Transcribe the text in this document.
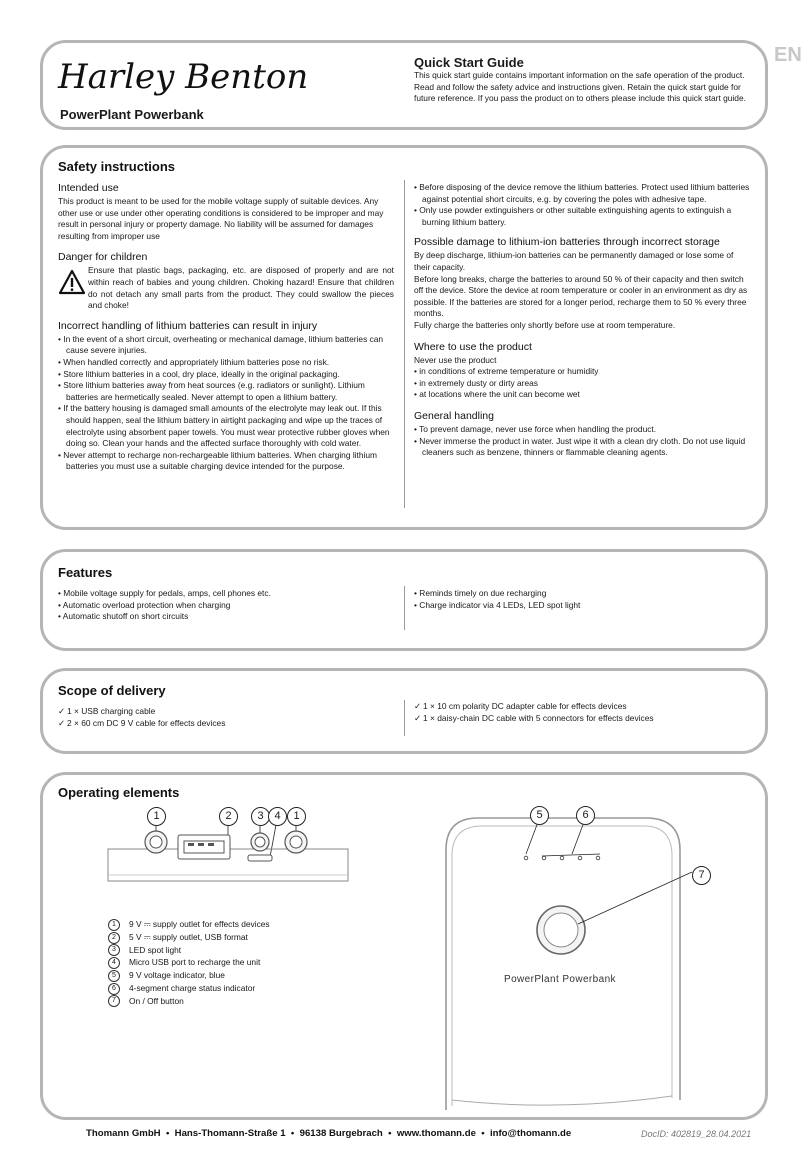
Harley Benton
PowerPlant Powerbank
Quick Start Guide
This quick start guide contains important information on the safe operation of the product. Read and follow the safety advice and instructions given. Retain the quick start guide for future reference. If you pass the product on to others please include this quick start guide.
EN
Safety instructions
Intended use

This product is meant to be used for the mobile voltage supply of suitable devices. Any other use or use under other operating conditions is considered to be improper and may result in personal injury or property damage. No liability will be assumed for damages resulting from improper use

Danger for children

Ensure that plastic bags, packaging, etc. are disposed of properly and are not within reach of babies and young children. Choking hazard! Ensure that children do not detach any small parts from the product. They could swallow the pieces and choke!

Incorrect handling of lithium batteries can result in injury
• In the event of a short circuit, overheating or mechanical damage, lithium batteries can cause severe injuries.
• When handled correctly and appropriately lithium batteries pose no risk.
• Store lithium batteries in a cool, dry place, ideally in the original packaging.
• Store lithium batteries away from heat sources (e.g. radiators or sunlight). Lithium batteries are hermetically sealed. Never attempt to open a lithium battery.
• If the battery housing is damaged small amounts of the electrolyte may leak out. If this should happen, seal the lithium battery in airtight packaging and wipe up the traces of electrolyte using absorbent paper towels. You must wear protective rubber gloves when doing so. Clean your hands and the affected surface thoroughly with cold water.
• Never attempt to recharge non-rechargeable lithium batteries. When charging lithium batteries you must use a suitable charging device intended for the purpose.
• Before disposing of the device remove the lithium batteries. Protect used lithium batteries against potential short circuits, e.g. by covering the poles with adhesive tape.
• Only use powder extinguishers or other suitable extinguishing agents to extinguish a burning lithium battery.
Possible damage to lithium-ion batteries through incorrect storage

By deep discharge, lithium-ion batteries can be permanently damaged or lose some of their capacity.

Before long breaks, charge the batteries to around 50 % of their capacity and then switch off the device. Store the device at room temperature or cooler in an environment as dry as possible. If the batteries are stored for a longer period, recharge them to 50 % every three months.

Fully charge the batteries only shortly before use at room temperature.

Where to use the product

Never use the product

• in conditions of extreme temperature or humidity
• in extremely dusty or dirty areas
• at locations where the unit can become wet
General handling
• To prevent damage, never use force when handling the product.
• Never immerse the product in water. Just wipe it with a clean dry cloth. Do not use liquid cleaners such as benzene, thinners or flammable cleaning agents.
Features
• Mobile voltage supply for pedals, amps, cell phones etc.
• Automatic overload protection when charging
• Automatic shutoff on short circuits
• Reminds timely on due recharging
• Charge indicator via 4 LEDs, LED spot light
Scope of delivery
✓ 1 × USB charging cable
✓ 2 × 60 cm DC 9 V cable for effects devices
✓ 1 × 10 cm polarity DC adapter cable for effects devices
✓ 1 × daisy-chain DC cable with 5 connectors for effects devices
Operating elements
1	2	3 4	1
1 9 V ⎓ supply outlet for effects devices
2 5 V ⎓ supply outlet, USB format
3 LED spot light
4 Micro USB port to recharge the unit
5 9 V voltage indicator, blue
6 4-segment charge status indicator
7 On / Off button
5	6
7
PowerPlant Powerbank
Thomann GmbH  •  Hans-Thomann-Straße 1  •  96138 Burgebrach  •  www.thomann.de  •  info@thomann.de	DocID: 402819_28.04.2021
